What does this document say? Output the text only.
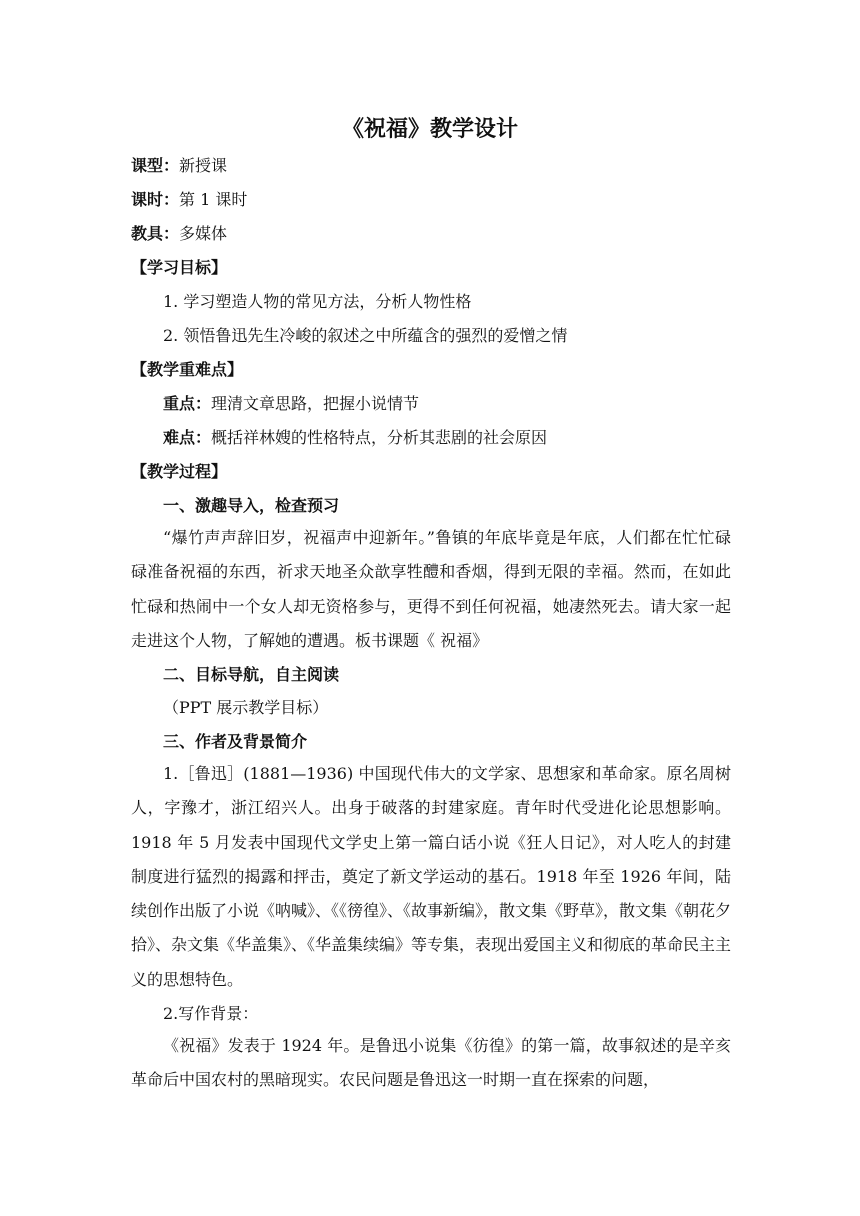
《祝福》教学设计
课型：新授课
课时：第 1 课时
教具：多媒体
【学习目标】
1. 学习塑造人物的常见方法，分析人物性格
2. 领悟鲁迅先生冷峻的叙述之中所蕴含的强烈的爱憎之情
【教学重难点】
重点：理清文章思路，把握小说情节
难点：概括祥林嫂的性格特点，分析其悲剧的社会原因
【教学过程】
一、激趣导入，检查预习
“爆竹声声辞旧岁，祝福声中迎新年。”鲁镇的年底毕竟是年底，人们都在忙忙碌碌准备祝福的东西，祈求天地圣众歆享牲醴和香烟，得到无限的幸福。然而，在如此忙碌和热闹中一个女人却无资格参与，更得不到任何祝福，她凄然死去。请大家一起走进这个人物，了解她的遭遇。板书课题《 祝福》
二、目标导航，自主阅读
（PPT 展示教学目标）
三、作者及背景简介
1.［鲁迅］(1881—1936) 中国现代伟大的文学家、思想家和革命家。原名周树人，字豫才，浙江绍兴人。出身于破落的封建家庭。青年时代受进化论思想影响。1918 年 5 月发表中国现代文学史上第一篇白话小说《狂人日记》，对人吃人的封建制度进行猛烈的揭露和抨击，奠定了新文学运动的基石。1918 年至 1926 年间，陆续创作出版了小说《呐喊》、《《徬徨》、《故事新编》，散文集《野草》，散文集《朝花夕拾》、杂文集《华盖集》、《华盖集续编》等专集，表现出爱国主义和彻底的革命民主主义的思想特色。
2.写作背景：
《祝福》发表于 1924 年。是鲁迅小说集《彷徨》的第一篇，故事叙述的是辛亥革命后中国农村的黑暗现实。农民问题是鲁迅这一时期一直在探索的问题，
